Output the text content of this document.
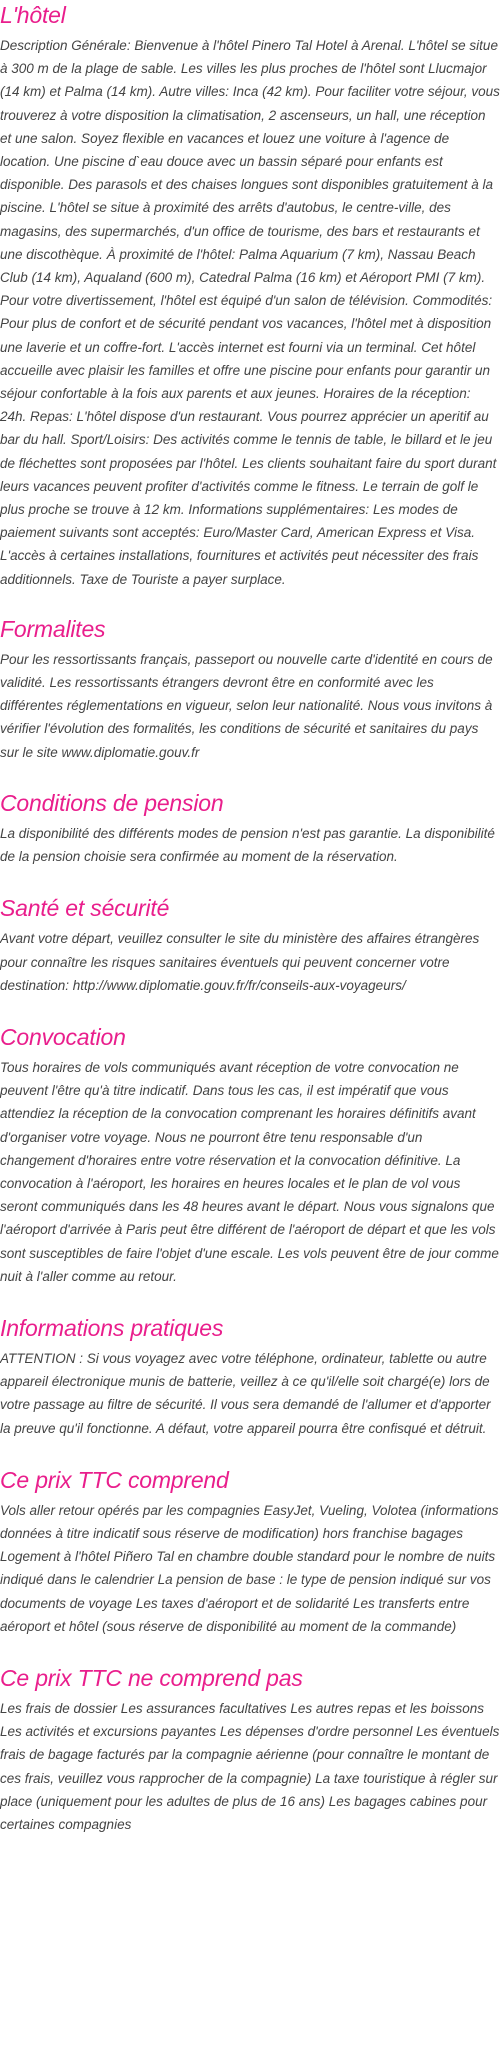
L'hôtel

Description Générale: Bienvenue à l'hôtel Pinero Tal Hotel à Arenal. L'hôtel se situe à 300 m de la plage de sable. Les villes les plus proches de l'hôtel sont Llucmajor (14 km) et Palma (14 km). Autre villes: Inca (42 km). Pour faciliter votre séjour, vous trouverez à votre disposition la climatisation, 2 ascenseurs, un hall, une réception et une salon. Soyez flexible en vacances et louez une voiture à l'agence de location. Une piscine d`eau douce avec un bassin séparé pour enfants est disponible. Des parasols et des chaises longues sont disponibles gratuitement à la piscine. L'hôtel se situe à proximité des arrêts d'autobus, le centre-ville, des magasins, des supermarchés, d'un office de tourisme, des bars et restaurants et une discothèque. À proximité de l'hôtel: Palma Aquarium (7 km), Nassau Beach Club (14 km), Aqualand (600 m), Catedral Palma (16 km) et Aéroport PMI (7 km). Pour votre divertissement, l'hôtel est équipé d'un salon de télévision. Commodités: Pour plus de confort et de sécurité pendant vos vacances, l'hôtel met à disposition une laverie et un coffre-fort. L'accès internet est fourni via un terminal. Cet hôtel accueille avec plaisir les familles et offre une piscine pour enfants pour garantir un séjour confortable à la fois aux parents et aux jeunes. Horaires de la réception: 24h. Repas: L'hôtel dispose d'un restaurant. Vous pourrez apprécier un aperitif au bar du hall. Sport/Loisirs: Des activités comme le tennis de table, le billard et le jeu de fléchettes sont proposées par l'hôtel. Les clients souhaitant faire du sport durant leurs vacances peuvent profiter d'activités comme le fitness. Le terrain de golf le plus proche se trouve à 12 km. Informations supplémentaires: Les modes de paiement suivants sont acceptés: Euro/Master Card, American Express et Visa. L'accès à certaines installations, fournitures et activités peut nécessiter des frais additionnels. Taxe de Touriste a payer surplace.

Formalites

Pour les ressortissants français, passeport ou nouvelle carte d'identité en cours de validité. Les ressortissants étrangers devront être en conformité avec les différentes réglementations en vigueur, selon leur nationalité. Nous vous invitons à vérifier l'évolution des formalités, les conditions de sécurité et sanitaires du pays sur le site www.diplomatie.gouv.fr

Conditions de pension

La disponibilité des différents modes de pension n'est pas garantie. La disponibilité de la pension choisie sera confirmée au moment de la réservation.

Santé et sécurité

Avant votre départ, veuillez consulter le site du ministère des affaires étrangères pour connaître les risques sanitaires éventuels qui peuvent concerner votre destination: http://www.diplomatie.gouv.fr/fr/conseils-aux-voyageurs/

Convocation

Tous horaires de vols communiqués avant réception de votre convocation ne peuvent l'être qu'à titre indicatif. Dans tous les cas, il est impératif que vous attendiez la réception de la convocation comprenant les horaires définitifs avant d'organiser votre voyage. Nous ne pourront être tenu responsable d'un changement d'horaires entre votre réservation et la convocation définitive. La convocation à l'aéroport, les horaires en heures locales et le plan de vol vous seront communiqués dans les 48 heures avant le départ. Nous vous signalons que l'aéroport d'arrivée à Paris peut être différent de l'aéroport de départ et que les vols sont susceptibles de faire l'objet d'une escale. Les vols peuvent être de jour comme nuit à l'aller comme au retour.

Informations pratiques

ATTENTION : Si vous voyagez avec votre téléphone, ordinateur, tablette ou autre appareil électronique munis de batterie, veillez à ce qu'il/elle soit chargé(e) lors de votre passage au filtre de sécurité. Il vous sera demandé de l'allumer et d'apporter la preuve qu'il fonctionne. A défaut, votre appareil pourra être confisqué et détruit.

Ce prix TTC comprend

Vols aller retour opérés par les compagnies EasyJet, Vueling, Volotea (informations données à titre indicatif sous réserve de modification) hors franchise bagages Logement à l'hôtel Piñero Tal en chambre double standard pour le nombre de nuits indiqué dans le calendrier La pension de base : le type de pension indiqué sur vos documents de voyage Les taxes d'aéroport et de solidarité Les transferts entre aéroport et hôtel (sous réserve de disponibilité au moment de la commande)

Ce prix TTC ne comprend pas

Les frais de dossier Les assurances facultatives Les autres repas et les boissons Les activités et excursions payantes Les dépenses d'ordre personnel Les éventuels frais de bagage facturés par la compagnie aérienne (pour connaître le montant de ces frais, veuillez vous rapprocher de la compagnie) La taxe touristique à régler sur place (uniquement pour les adultes de plus de 16 ans) Les bagages cabines pour certaines compagnies
